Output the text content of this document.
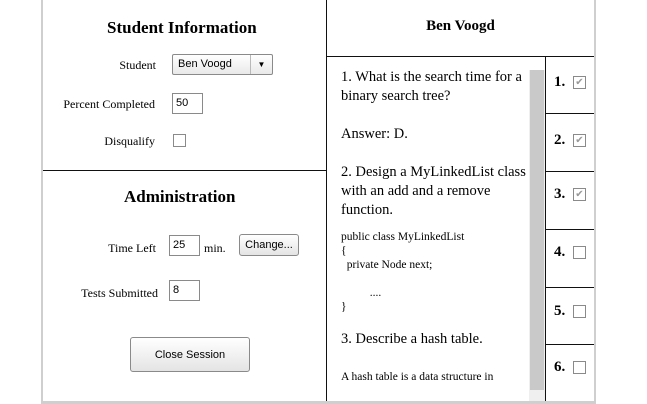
Student Information
Student Ben Voogd	▼
Percent Completed	50
Disqualify
Administration
Time Left	25	min.	Change...
Tests Submitted	8
Close Session
Ben Voogd
1. What is the search time for a binary search tree?
Answer: D.
2. Design a MyLinkedList class with an add and a remove function.
public class MyLinkedList
{
private Node next;
....
}
3. Describe a hash table.
A hash table is a data structure in
1. ✔
2. ✔
3. ✔
4.
5.
6.
